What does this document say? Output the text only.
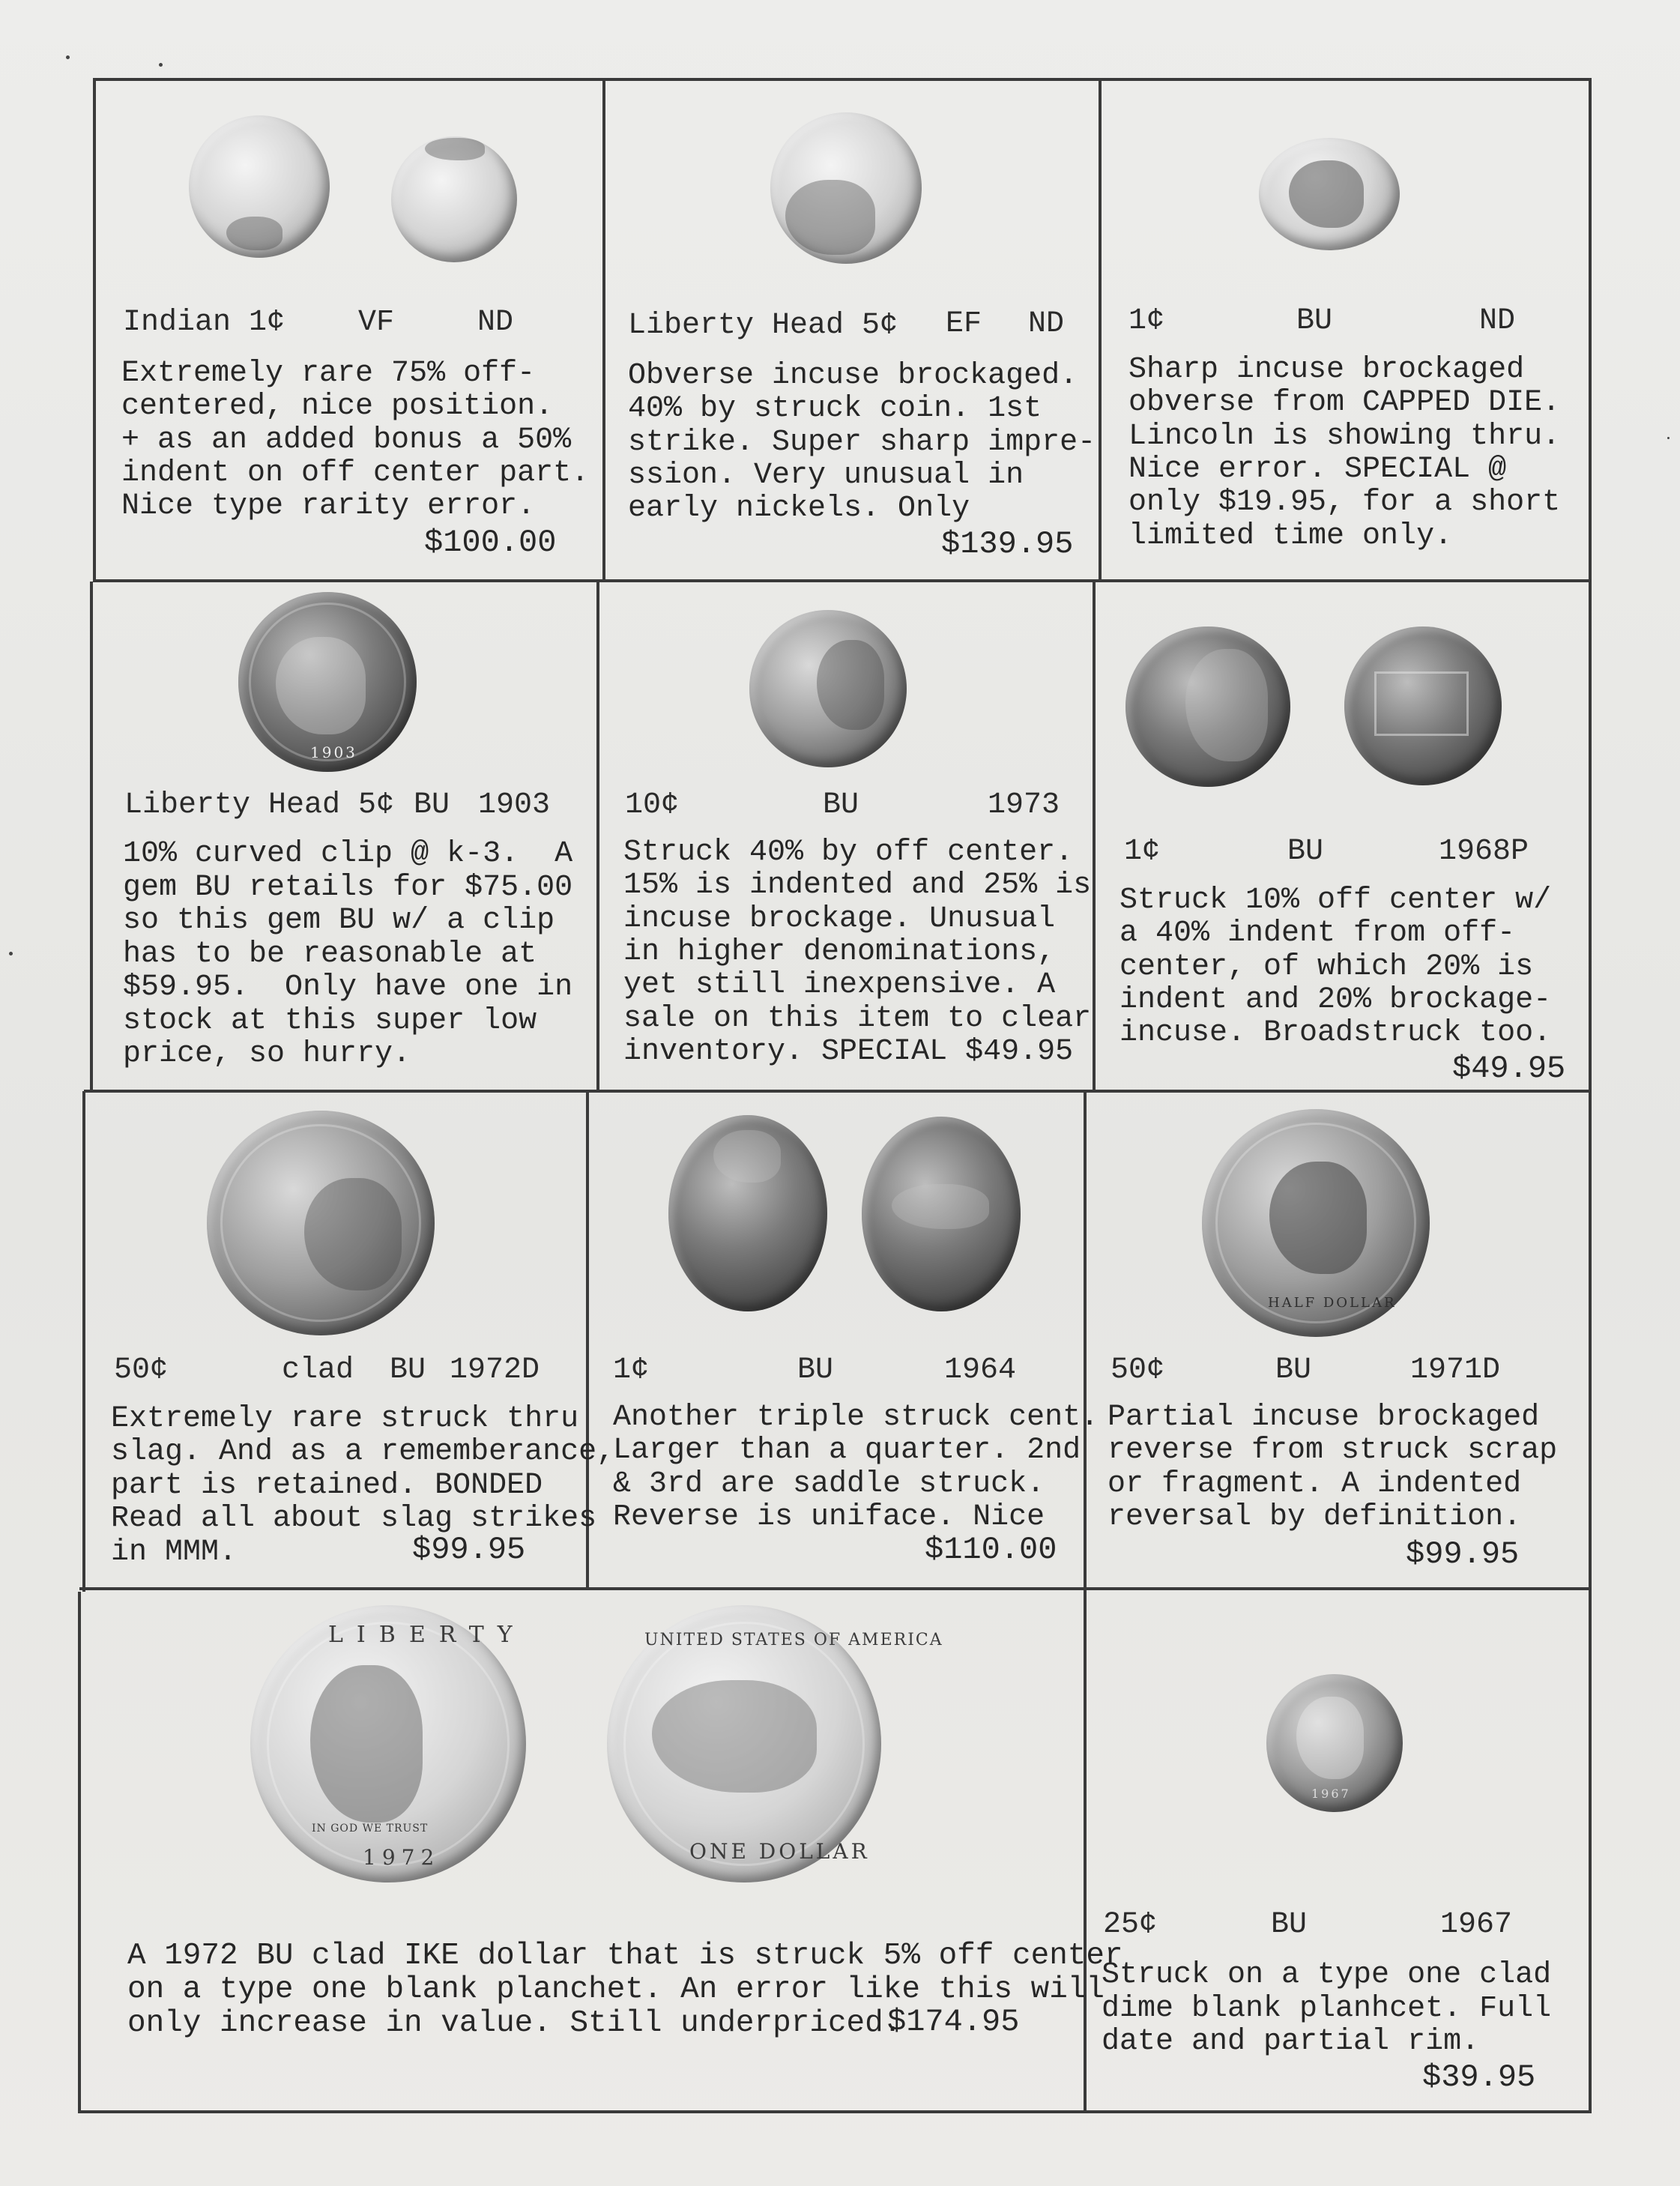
Indian 1¢ VF	ND
Extremely rare 75% off-
centered, nice position.
+ as an added bonus a 50%
indent on off center part.
Nice type rarity error.
$100.00
Liberty Head 5¢ EF ND
Obverse incuse brockaged.
40% by struck coin. 1st
strike. Super sharp impre-
ssion. Very unusual in
early nickels. Only
$139.95
1¢	BU	ND
Sharp incuse brockaged
obverse from CAPPED DIE.
Lincoln is showing thru.
Nice error. SPECIAL @
only $19.95, for a short
limited time only.
1903
Liberty Head 5¢ BU 1903
10% curved clip @ k-3.  A
gem BU retails for $75.00
so this gem BU w/ a clip
has to be reasonable at
$59.95.  Only have one in
stock at this super low
price, so hurry.
10¢	BU	1973
Struck 40% by off center.
15% is indented and 25% is
incuse brockage. Unusual
in higher denominations,
yet still inexpensive. A
sale on this item to clear
inventory. SPECIAL $49.95
1¢	BU	1968P
Struck 10% off center w/
a 40% indent from off-
center, of which 20% is
indent and 20% brockage-
incuse. Broadstruck too.
$49.95
50¢	clad  BU 1972D
Extremely rare struck thru
slag. And as a rememberance,
part is retained. BONDED
Read all about slag strikes
in MMM.	$99.95
1¢	BU	1964
Another triple struck cent.
Larger than a quarter. 2nd
& 3rd are saddle struck.
Reverse is uniface. Nice
$110.00
HALF DOLLAR
50¢	BU	1971D
Partial incuse brockaged
reverse from struck scrap
or fragment. A indented
reversal by definition.
$99.95
LIBERTY
IN GOD WE TRUST
1972
UNITED STATES OF AMERICA
ONE DOLLAR
A 1972 BU clad IKE dollar that is struck 5% off center
on a type one blank planchet. An error like this will
only increase in value. Still underpriced.
$174.95
1967
25¢	BU	1967
Struck on a type one clad
dime blank planhcet. Full
date and partial rim.
$39.95
